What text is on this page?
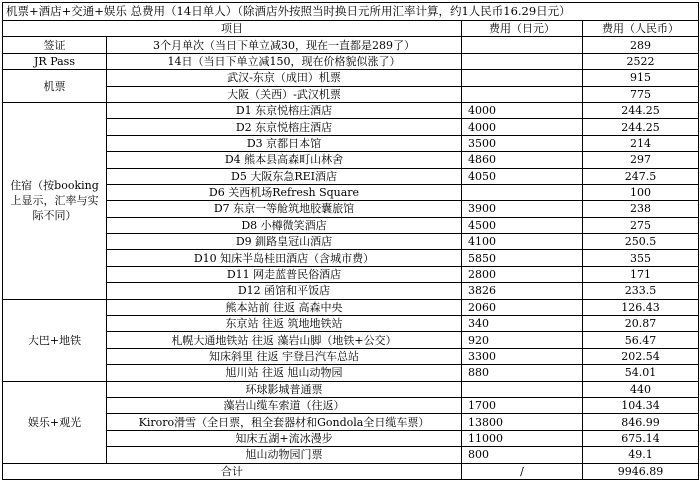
机票+酒店+交通+娱乐 总费用（14日单人）（除酒店外按照当时换日元所用汇率计算，约1人民币16.29日元）			
项目		费用（日元）	费用（人民币）
签证	3个月单次（当日下单立减30，现在一直都是289了）		289
JR Pass	14日（当日下单立减150，现在价格貌似涨了）		2522
机票	武汉-东京（成田）机票		915
	大阪（关西）-武汉机票		775
住宿（按booking上显示，汇率与实际不同）	D1 东京悦榕庄酒店	4000	244.25
	D2 东京悦榕庄酒店	4000	244.25
	D3 京都日本馆	3500	214
	D4 熊本县高森町山林舍	4860	297
	D5 大阪东急REI酒店	4050	247.5
	D6 关西机场Refresh Square		100
	D7 东京一等舱筑地胶囊旅馆	3900	238
	D8 小樽微笑酒店	4500	275
	D9 釧路皇冠山酒店	4100	250.5
	D10 知床半岛桂田酒店（含城市费）	5850	355
	D11 网走蓝普民俗酒店	2800	171
	D12 函馆和平饭店	3826	233.5
大巴+地铁	熊本站前 往返 高森中央	2060	126.43
	东京站 往返 筑地地铁站	340	20.87
	札幌大通地铁站 往返 藻岩山脚（地铁+公交）	920	56.47
	知床斜里 往返 宇登吕汽车总站	3300	202.54
	旭川站 往返 旭山动物园	880	54.01
娱乐+观光	环球影城普通票		440
	藻岩山缆车索道（往返）	1700	104.34
	Kiroro滑雪（全日票，租全套器材和Gondola全日缆车票）	13800	846.99
	知床五湖+流冰漫步	11000	675.14
	旭山动物园门票	800	49.1
合计		/	9946.89
